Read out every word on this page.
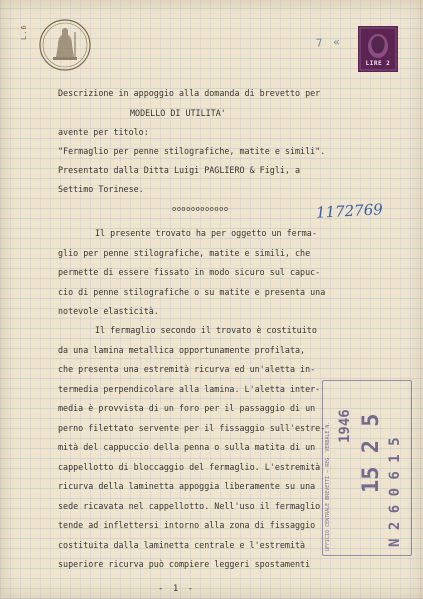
L.6
7 «
LIRE 2
Descrizione in appoggio alla domanda di brevetto per
MODELLO DI UTILITA'
avente per titolo:
"Fermaglio per penne stilografiche, matite e simili".
Presentato dalla Ditta Luigi PAGLIERO & Figli, a
Settimo Torinese.
oooooooooooo	1172769
Il presente trovato ha per oggetto un ferma-
glio per penne stilografiche, matite e simili, che
permette di essere fissato in modo sicuro sul capuc-
cio di penne stilografiche o su matite e presenta una
notevole elasticità.
Il fermaglio secondo il trovato è costituito
da una lamina metallica opportunamente profilata,
che presenta una estremità ricurva ed un'aletta in-
termedia perpendicolare alla lamina. L'aletta inter-
media è provvista di un foro per il passaggio di un
perno filettato servente per il fissaggio sull'estre-
mità del cappuccio della penna o sulla matita di un
cappellotto di bloccaggio del fermaglio. L'estremità
ricurva della laminetta appoggia liberamente su una
sede ricavata nel cappellotto. Nell'uso il fermaglio
tende ad inflettersi intorno alla zona di fissaggio
costituita dalla laminetta centrale e l'estremità
superiore ricurva può compiere leggeri spostamenti
UFFICIO CENTRALE BREVETTI – REG. VERBALE N. 1946 15 2 5 N 2 6 0 6 1 5
- 1 -
